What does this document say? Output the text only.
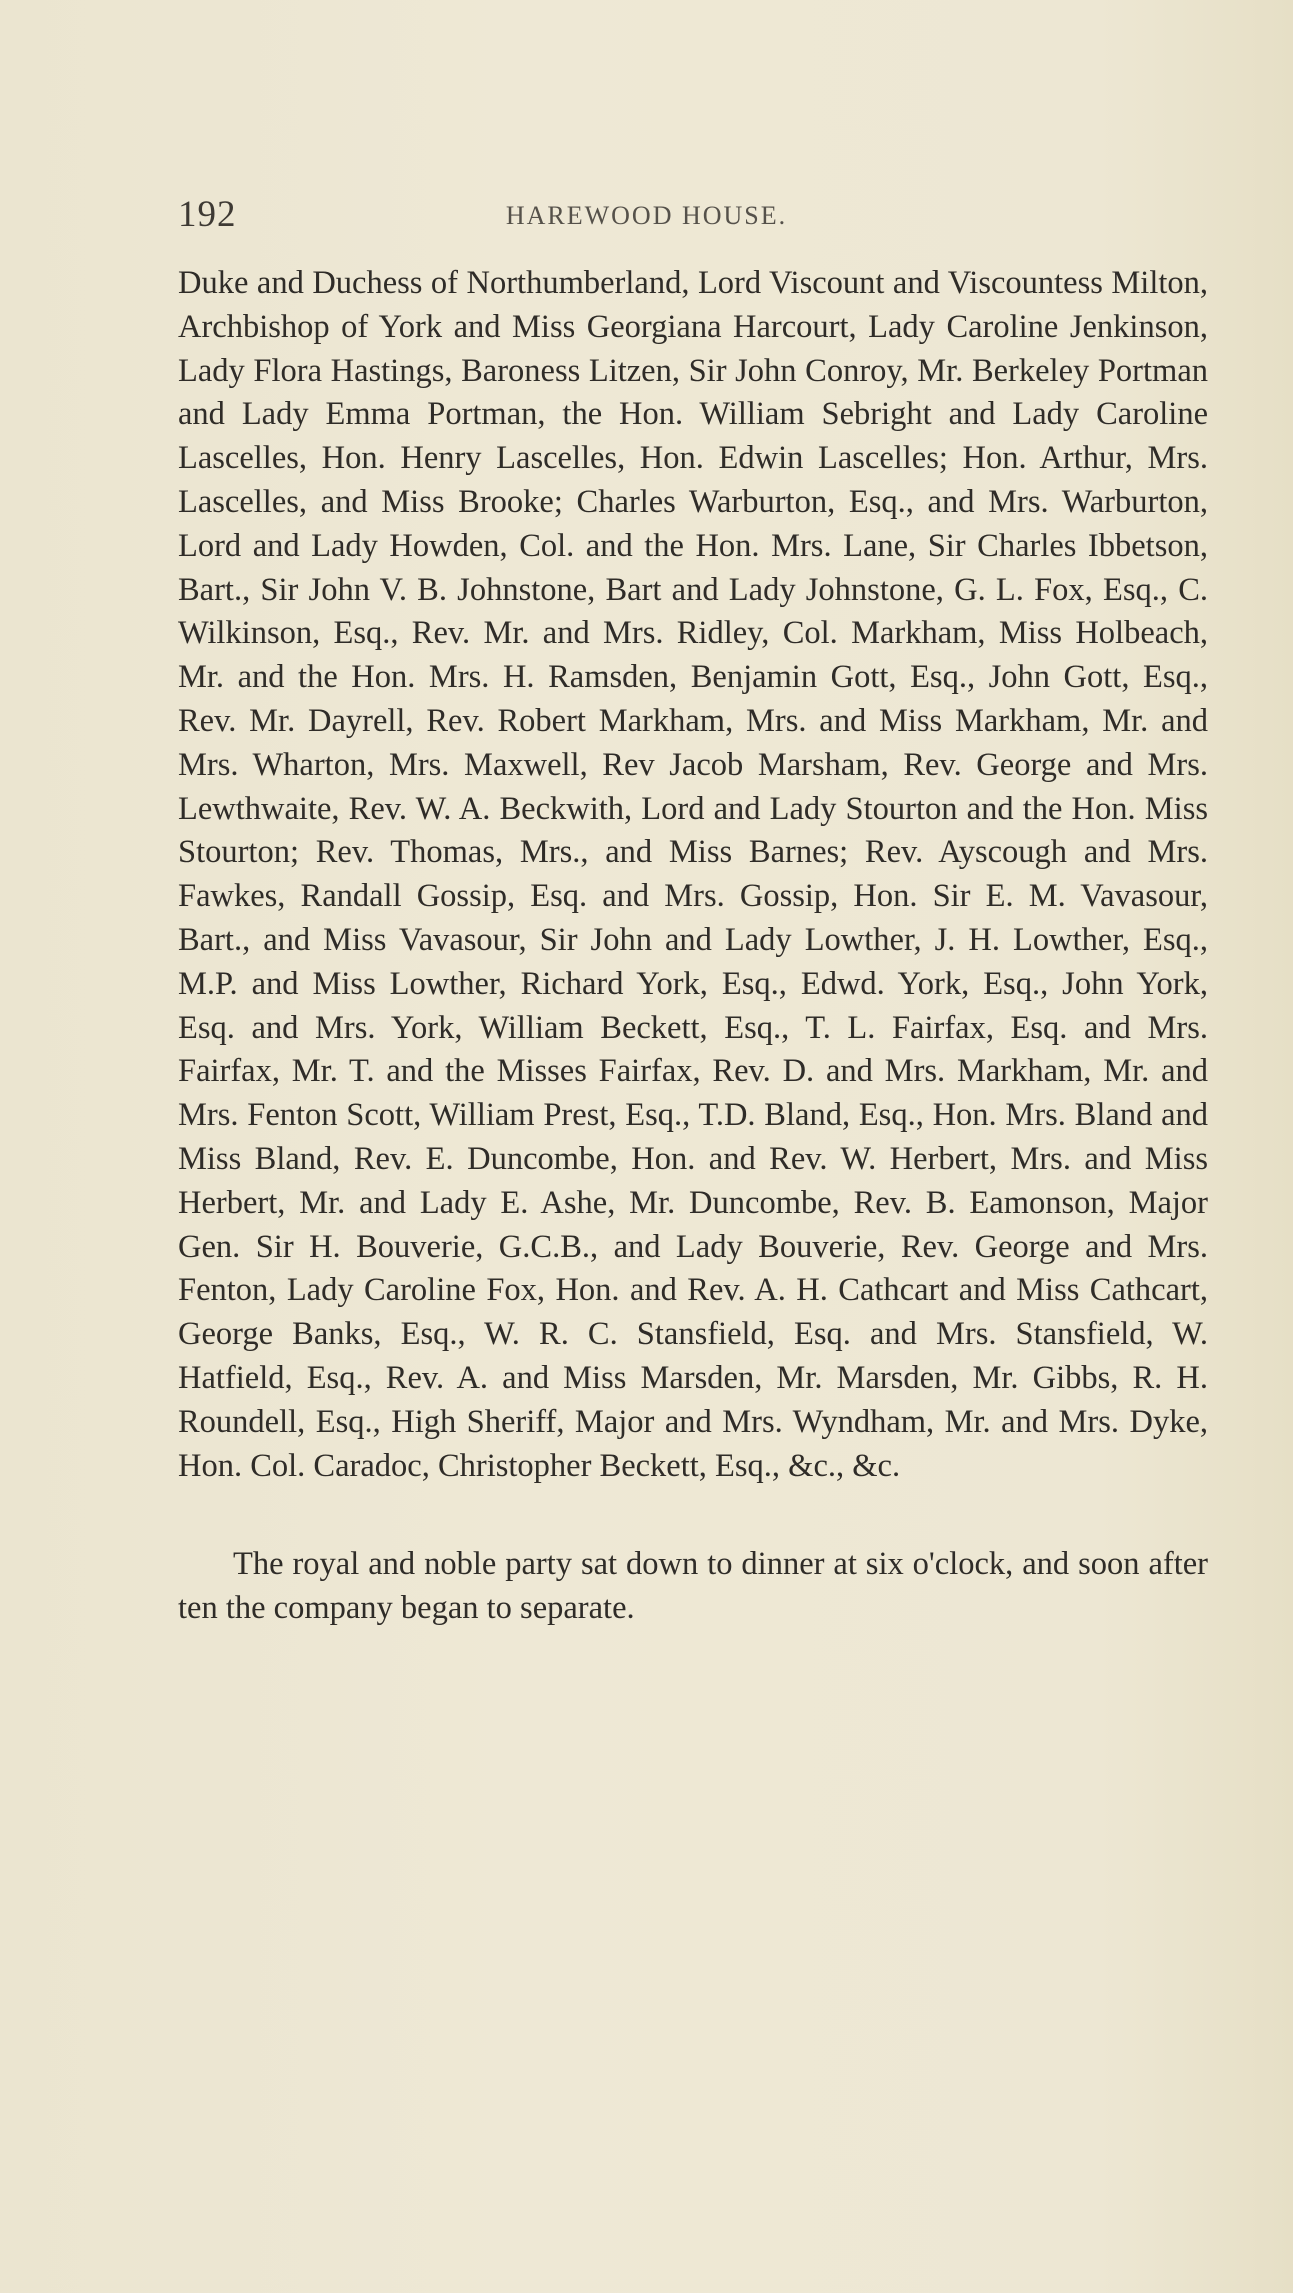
192	HAREWOOD HOUSE.

Duke and Duchess of Northumberland, Lord Viscount and Viscountess Milton, Archbishop of York and Miss Georgiana Harcourt, Lady Caroline Jenkinson, Lady Flora Hastings, Baroness Litzen, Sir John Conroy, Mr. Berkeley Portman and Lady Emma Portman, the Hon. William Sebright and Lady Caroline Lascelles, Hon. Henry Lascelles, Hon. Edwin Lascelles; Hon. Arthur, Mrs. Lascelles, and Miss Brooke; Charles Warburton, Esq., and Mrs. Warburton, Lord and Lady Howden, Col. and the Hon. Mrs. Lane, Sir Charles Ibbetson, Bart., Sir John V. B. Johnstone, Bart and Lady Johnstone, G. L. Fox, Esq., C. Wilkinson, Esq., Rev. Mr. and Mrs. Ridley, Col. Markham, Miss Holbeach, Mr. and the Hon. Mrs. H. Ramsden, Benjamin Gott, Esq., John Gott, Esq., Rev. Mr. Dayrell, Rev. Robert Markham, Mrs. and Miss Markham, Mr. and Mrs. Wharton, Mrs. Maxwell, Rev Jacob Marsham, Rev. George and Mrs. Lewthwaite, Rev. W. A. Beckwith, Lord and Lady Stourton and the Hon. Miss Stourton; Rev. Thomas, Mrs., and Miss Barnes; Rev. Ayscough and Mrs. Fawkes, Randall Gossip, Esq. and Mrs. Gossip, Hon. Sir E. M. Vavasour, Bart., and Miss Vavasour, Sir John and Lady Lowther, J. H. Lowther, Esq., M.P. and Miss Lowther, Richard York, Esq., Edwd. York, Esq., John York, Esq. and Mrs. York, William Beckett, Esq., T. L. Fairfax, Esq. and Mrs. Fairfax, Mr. T. and the Misses Fairfax, Rev. D. and Mrs. Markham, Mr. and Mrs. Fenton Scott, William Prest, Esq., T.D. Bland, Esq., Hon. Mrs. Bland and Miss Bland, Rev. E. Duncombe, Hon. and Rev. W. Herbert, Mrs. and Miss Herbert, Mr. and Lady E. Ashe, Mr. Duncombe, Rev. B. Eamonson, Major Gen. Sir H. Bouverie, G.C.B., and Lady Bouverie, Rev. George and Mrs. Fenton, Lady Caroline Fox, Hon. and Rev. A. H. Cathcart and Miss Cathcart, George Banks, Esq., W. R. C. Stansfield, Esq. and Mrs. Stansfield, W. Hatfield, Esq., Rev. A. and Miss Marsden, Mr. Marsden, Mr. Gibbs, R. H. Roundell, Esq., High Sheriff, Major and Mrs. Wyndham, Mr. and Mrs. Dyke, Hon. Col. Caradoc, Christopher Beckett, Esq., &c., &c.

The royal and noble party sat down to dinner at six o'clock, and soon after ten the company began to separate.
